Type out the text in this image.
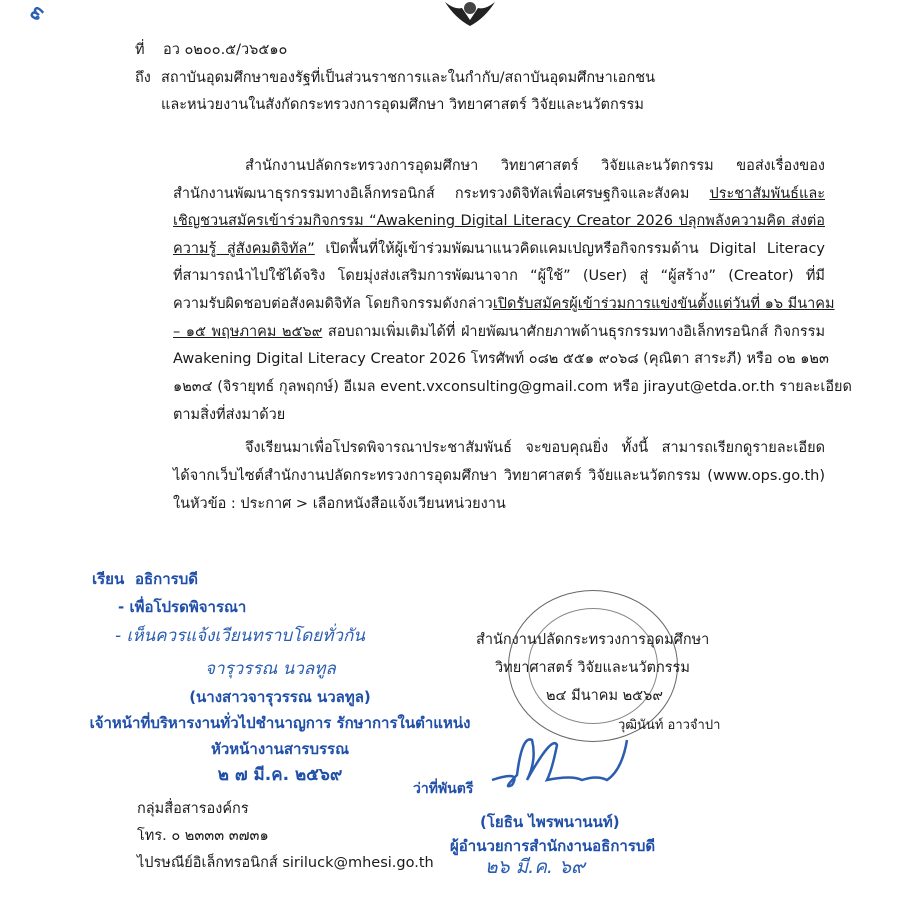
๓
ที่ อว ๐๒๐๐.๕/ว๖๕๑๐
ถึง สถาบันอุดมศึกษาของรัฐที่เป็นส่วนราชการและในกำกับ/สถาบันอุดมศึกษาเอกชน
และหน่วยงานในสังกัดกระทรวงการอุดมศึกษา วิทยาศาสตร์ วิจัยและนวัตกรรม
สำนักงานปลัดกระทรวงการอุดมศึกษา วิทยาศาสตร์ วิจัยและนวัตกรรม ขอส่งเรื่องของ
สำนักงานพัฒนาธุรกรรมทางอิเล็กทรอนิกส์ กระทรวงดิจิทัลเพื่อเศรษฐกิจและสังคม ประชาสัมพันธ์และ
เชิญชวนสมัครเข้าร่วมกิจกรรม “Awakening Digital Literacy Creator 2026 ปลุกพลังความคิด ส่งต่อ
ความรู้ สู่สังคมดิจิทัล” เปิดพื้นที่ให้ผู้เข้าร่วมพัฒนาแนวคิดแคมเปญหรือกิจกรรมด้าน Digital Literacy
ที่สามารถนำไปใช้ได้จริง โดยมุ่งส่งเสริมการพัฒนาจาก “ผู้ใช้” (User) สู่ “ผู้สร้าง” (Creator) ที่มี
ความรับผิดชอบต่อสังคมดิจิทัล โดยกิจกรรมดังกล่าวเปิดรับสมัครผู้เข้าร่วมการแข่งขันตั้งแต่วันที่ ๑๖ มีนาคม
– ๑๕ พฤษภาคม ๒๕๖๙ สอบถามเพิ่มเติมได้ที่ ฝ่ายพัฒนาศักยภาพด้านธุรกรรมทางอิเล็กทรอนิกส์ กิจกรรม
Awakening Digital Literacy Creator 2026 โทรศัพท์ ๐๘๒ ๕๕๑ ๙๐๖๘ (คุณิตา สาระภี) หรือ ๐๒ ๑๒๓
๑๒๓๔ (จิรายุทธ์ กุลพฤกษ์) อีเมล event.vxconsulting@gmail.com หรือ jirayut@etda.or.th รายละเอียด
ตามสิ่งที่ส่งมาด้วย
จึงเรียนมาเพื่อโปรดพิจารณาประชาสัมพันธ์ จะขอบคุณยิ่ง ทั้งนี้ สามารถเรียกดูรายละเอียด
ได้จากเว็บไซต์สำนักงานปลัดกระทรวงการอุดมศึกษา วิทยาศาสตร์ วิจัยและนวัตกรรม (www.ops.go.th)
ในหัวข้อ : ประกาศ > เลือกหนังสือแจ้งเวียนหน่วยงาน
เรียน อธิการบดี
- เพื่อโปรดพิจารณา
- เห็นควรแจ้งเวียนทราบโดยทั่วกัน
จารุวรรณ นวลทูล
(นางสาวจารุวรรณ นวลทูล)
เจ้าหน้าที่บริหารงานทั่วไปชำนาญการ รักษาการในตำแหน่ง
หัวหน้างานสารบรรณ
๒ ๗ มี.ค. ๒๕๖๙
สำนักงานปลัดกระทรวงการอุดมศึกษา
วิทยาศาสตร์ วิจัยและนวัตกรรม
๒๔ มีนาคม ๒๕๖๙
วุฒินันท์ อาวจำปา
ว่าที่พันตรี
(โยธิน ไพรพนานนท์)
ผู้อำนวยการสำนักงานอธิการบดี
๒๖ มี.ค. ๖๙
กลุ่มสื่อสารองค์กร
โทร. ๐ ๒๓๓๓ ๓๗๓๑
ไปรษณีย์อิเล็กทรอนิกส์ siriluck@mhesi.go.th
